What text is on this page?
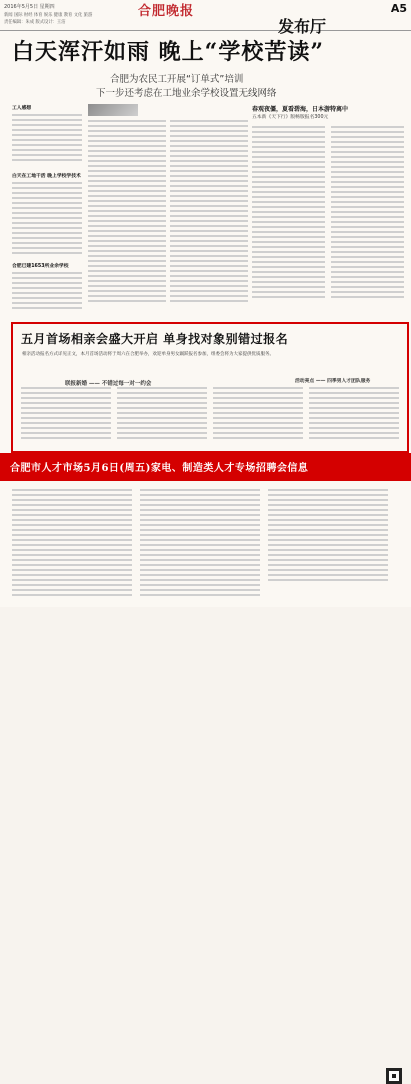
2016年5月5日 星期四	合肥晚报	A5
新闻 国际 财经 体育 娱乐 健康 教育 文化 旅游
责任编辑：朱成 版式设计：王洁	发布厅
白天浑汗如雨 晚上“学校苦读”
合肥为农民工开展“订单式”培训
下一步还考虑在工地业余学校设置无线网络
工人感想
白天在工地干活 晚上学校学技术
合肥已建1653所业余学校
春观夜僵，夏看碧海，日本游特离中
五本新《天下行》版畅版报名300元
五月首场相亲会盛大开启 单身找对象别错过报名
相亲活动报名方式详见正文，本月首场活动将于周六在合肥举办，欢迎单身男女踊跃报名参加，组委会将为大家提供优质服务。
联报新婚 —— 不错过每一对一约会	活动亮点 —— 四季男人才团队服务
合肥市人才市场5月6日(周五)家电、制造类人才专场招聘会信息
